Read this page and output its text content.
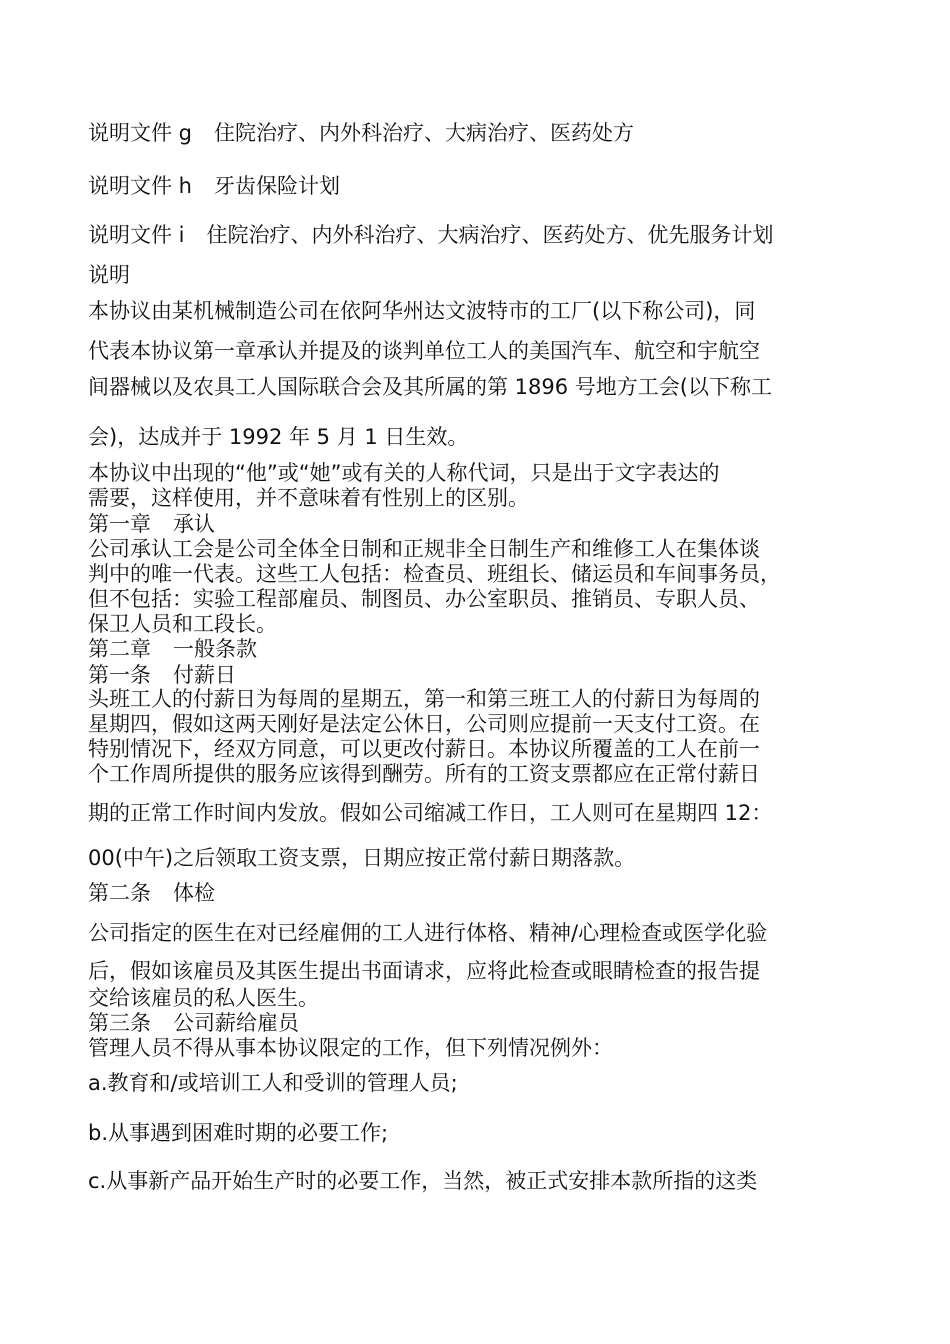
说明文件 g 住院治疗、内外科治疗、大病治疗、医药处方

说明文件 h 牙齿保险计划

说明文件 i 住院治疗、内外科治疗、大病治疗、医药处方、优先服务计划

说明

本协议由某机械制造公司在依阿华州达文波特市的工厂(以下称公司)，同

代表本协议第一章承认并提及的谈判单位工人的美国汽车、航空和宇航空

间器械以及农具工人国际联合会及其所属的第 1896 号地方工会(以下称工

会)，达成并于 1992 年 5 月 1 日生效。

本协议中出现的“他”或“她”或有关的人称代词，只是出于文字表达的

需要，这样使用，并不意味着有性别上的区别。

第一章 承认

公司承认工会是公司全体全日制和正规非全日制生产和维修工人在集体谈

判中的唯一代表。这些工人包括：检查员、班组长、储运员和车间事务员，

但不包括：实验工程部雇员、制图员、办公室职员、推销员、专职人员、

保卫人员和工段长。

第二章 一般条款

第一条 付薪日

头班工人的付薪日为每周的星期五，第一和第三班工人的付薪日为每周的

星期四，假如这两天刚好是法定公休日，公司则应提前一天支付工资。在

特别情况下，经双方同意，可以更改付薪日。本协议所覆盖的工人在前一

个工作周所提供的服务应该得到酬劳。所有的工资支票都应在正常付薪日

期的正常工作时间内发放。假如公司缩减工作日，工人则可在星期四 12：

00(中午)之后领取工资支票，日期应按正常付薪日期落款。

第二条 体检

公司指定的医生在对已经雇佣的工人进行体格、精神/心理检查或医学化验

后，假如该雇员及其医生提出书面请求，应将此检查或眼睛检查的报告提

交给该雇员的私人医生。

第三条 公司薪给雇员

管理人员不得从事本协议限定的工作，但下列情况例外：

a.教育和/或培训工人和受训的管理人员;

b.从事遇到困难时期的必要工作;

c.从事新产品开始生产时的必要工作，当然，被正式安排本款所指的这类
